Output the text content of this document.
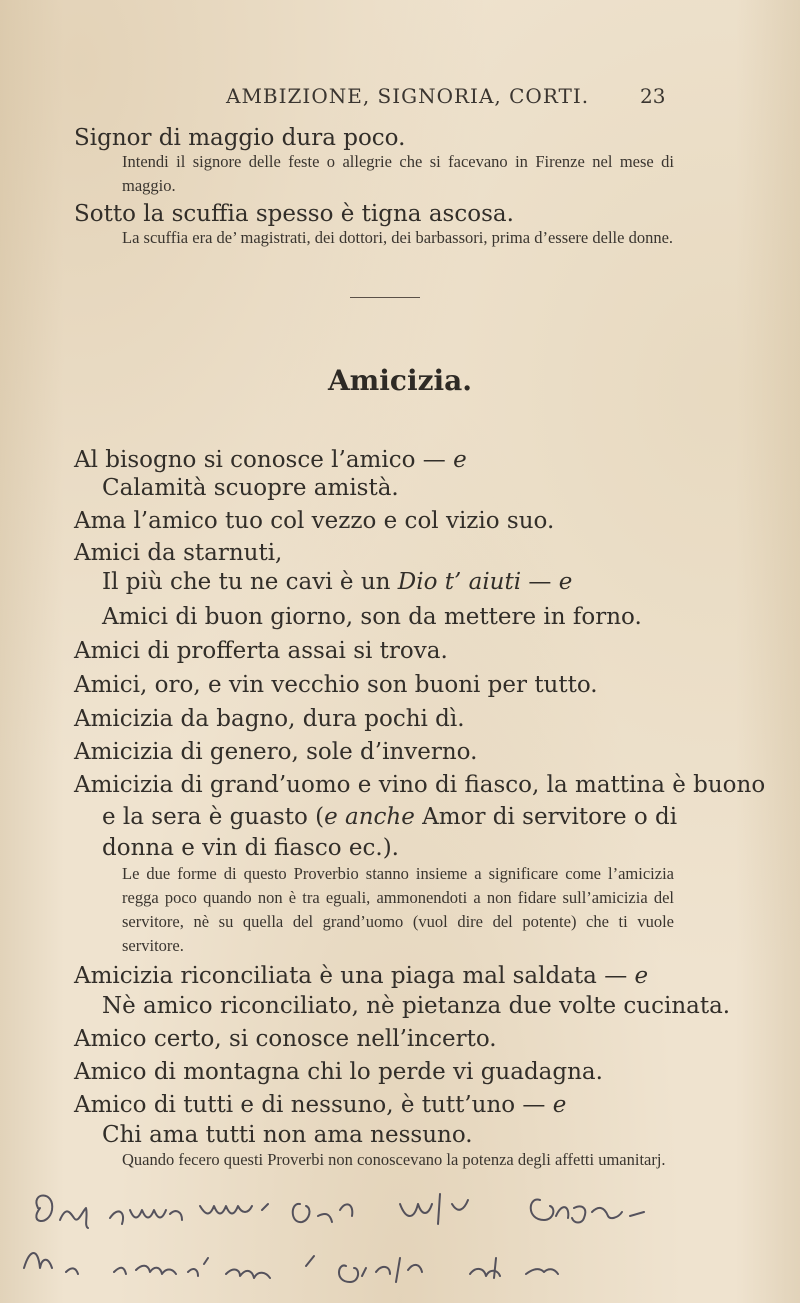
AMBIZIONE, SIGNORIA, CORTI.	23
Signor di maggio dura poco.
Intendi il signore delle feste o allegrie che si facevano in Firenze nel mese di maggio.
Sotto la scuffia spesso è tigna ascosa.
La scuffia era de’ magistrati, dei dottori, dei barbassori, prima d’essere delle donne.
Amicizia.
Al bisogno si conosce l’amico — e
Calamità scuopre amistà.
Ama l’amico tuo col vezzo e col vizio suo.
Amici da starnuti,
Il più che tu ne cavi è un Dio t’ aiuti — e
Amici di buon giorno, son da mettere in forno.
Amici di profferta assai si trova.
Amici, oro, e vin vecchio son buoni per tutto.
Amicizia da bagno, dura pochi dì.
Amicizia di genero, sole d’inverno.
Amicizia di grand’uomo e vino di fiasco, la mattina è buono
e la sera è guasto (e anche Amor di servitore o di
donna e vin di fiasco ec.).
Le due forme di questo Proverbio stanno insieme a significare come l’amicizia regga poco quando non è tra eguali, ammonendoti a non fidare sull’amicizia del servitore, nè su quella del grand’uomo (vuol dire del potente) che ti vuole servitore.
Amicizia riconciliata è una piaga mal saldata — e
Nè amico riconciliato, nè pietanza due volte cucinata.
Amico certo, si conosce nell’incerto.
Amico di montagna chi lo perde vi guadagna.
Amico di tutti e di nessuno, è tutt’uno — e
Chi ama tutti non ama nessuno.
Quando fecero questi Proverbi non conoscevano la potenza degli affetti umanitarj.
